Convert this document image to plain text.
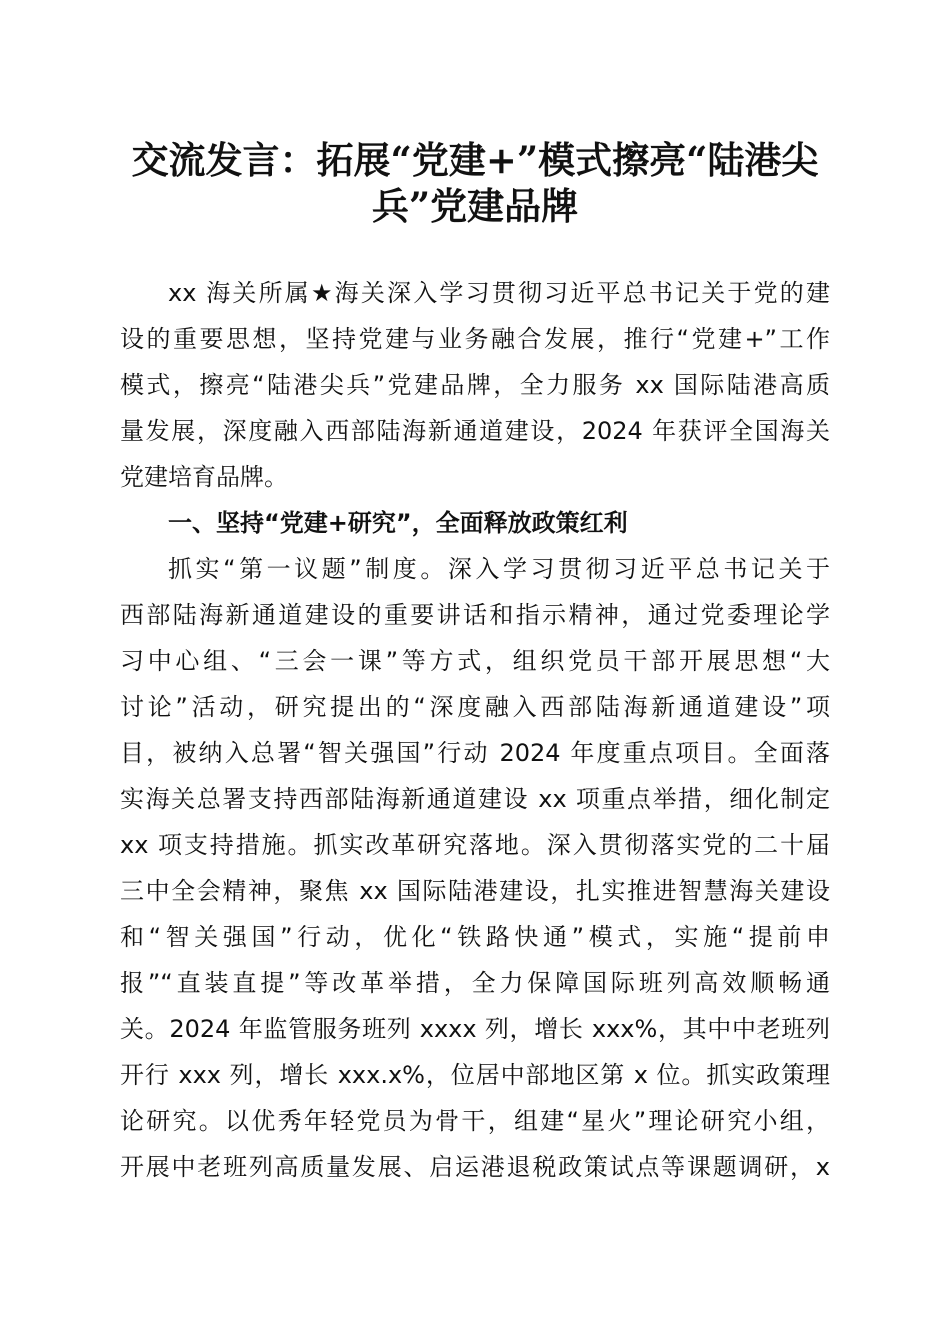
交流发言：拓展“党建+”模式擦亮“陆港尖
兵”党建品牌
xx 海关所属★海关深入学习贯彻习近平总书记关于党的建
设的重要思想，坚持党建与业务融合发展，推行“党建+”工作
模式，擦亮“陆港尖兵”党建品牌，全力服务 xx 国际陆港高质
量发展，深度融入西部陆海新通道建设，2024 年获评全国海关
党建培育品牌。
一、坚持“党建+研究”，全面释放政策红利
抓实“第一议题”制度。深入学习贯彻习近平总书记关于
西部陆海新通道建设的重要讲话和指示精神，通过党委理论学
习中心组、“三会一课”等方式，组织党员干部开展思想“大
讨论”活动，研究提出的“深度融入西部陆海新通道建设”项
目，被纳入总署“智关强国”行动 2024 年度重点项目。全面落
实海关总署支持西部陆海新通道建设 xx 项重点举措，细化制定
xx 项支持措施。抓实改革研究落地。深入贯彻落实党的二十届
三中全会精神，聚焦 xx 国际陆港建设，扎实推进智慧海关建设
和“智关强国”行动，优化“铁路快通”模式，实施“提前申
报”“直装直提”等改革举措，全力保障国际班列高效顺畅通
关。2024 年监管服务班列 xxxx 列，增长 xxx%，其中中老班列
开行 xxx 列，增长 xxx.x%，位居中部地区第 x 位。抓实政策理
论研究。以优秀年轻党员为骨干，组建“星火”理论研究小组，
开展中老班列高质量发展、启运港退税政策试点等课题调研，x
